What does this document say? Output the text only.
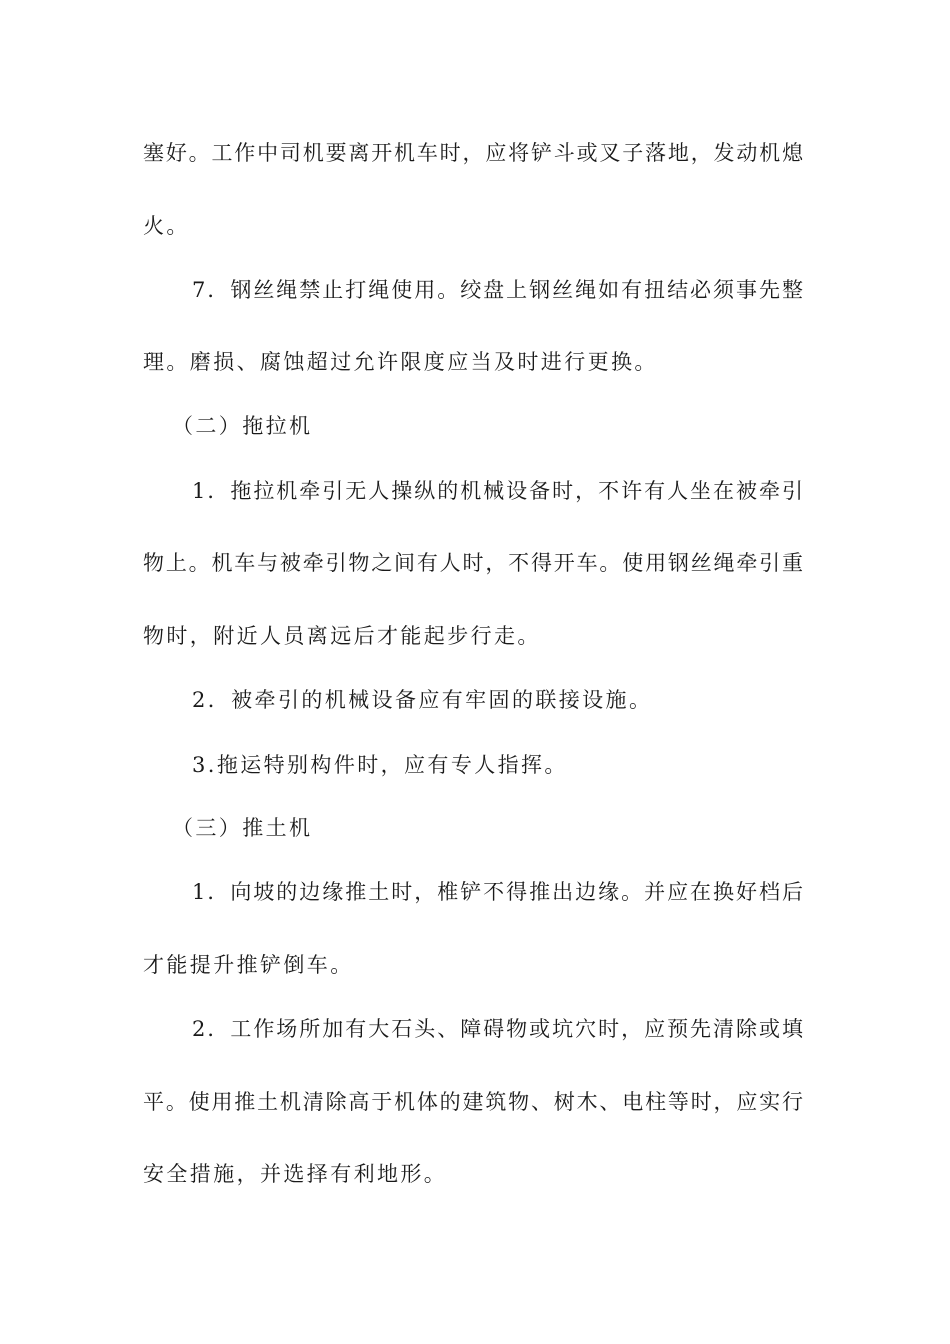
塞好。工作中司机要离开机车时，应将铲斗或叉子落地，发动机熄
火。
7．钢丝绳禁止打绳使用。绞盘上钢丝绳如有扭结必须事先整
理。磨损、腐蚀超过允许限度应当及时进行更换。
（二）拖拉机
1．拖拉机牵引无人操纵的机械设备时，不许有人坐在被牵引
物上。机车与被牵引物之间有人时，不得开车。使用钢丝绳牵引重
物时，附近人员离远后才能起步行走。
2．被牵引的机械设备应有牢固的联接设施。
3.拖运特别构件时，应有专人指挥。
（三）推土机
1．向坡的边缘推土时，椎铲不得推出边缘。并应在换好档后
才能提升推铲倒车。
2．工作场所加有大石头、障碍物或坑穴时，应预先清除或填
平。使用推土机清除高于机体的建筑物、树木、电柱等时，应实行
安全措施，并选择有利地形。
